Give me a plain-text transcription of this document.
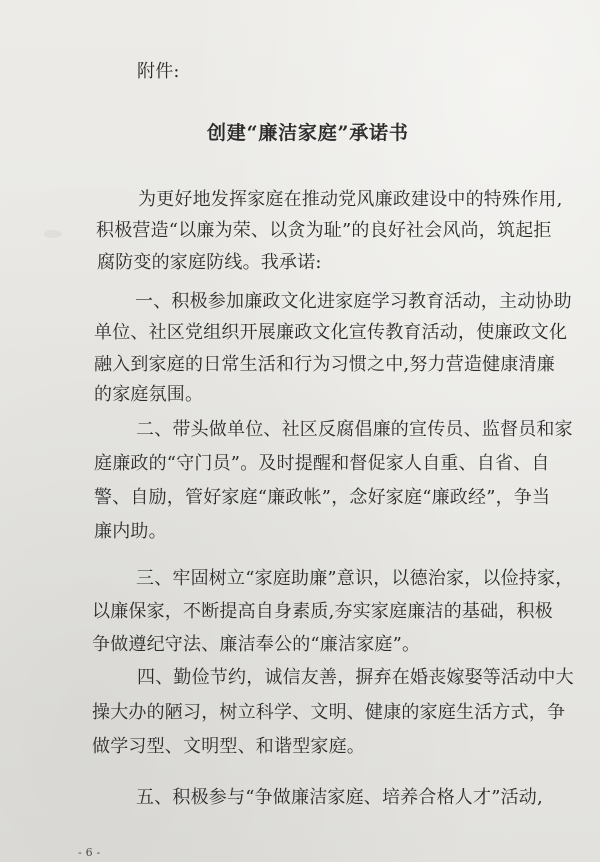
附件:
创建“廉洁家庭”承诺书
为更好地发挥家庭在推动党风廉政建设中的特殊作用,
积极营造“以廉为荣、以贪为耻”的良好社会风尚，筑起拒
腐防变的家庭防线。我承诺:
一、积极参加廉政文化进家庭学习教育活动，主动协助
单位、社区党组织开展廉政文化宣传教育活动，使廉政文化
融入到家庭的日常生活和行为习惯之中,努力营造健康清廉
的家庭氛围。
二、带头做单位、社区反腐倡廉的宣传员、监督员和家
庭廉政的“守门员”。及时提醒和督促家人自重、自省、自
警、自励，管好家庭“廉政帐”，念好家庭“廉政经”，争当
廉内助。
三、牢固树立“家庭助廉”意识，以德治家，以俭持家，
以廉保家，不断提高自身素质,夯实家庭廉洁的基础，积极
争做遵纪守法、廉洁奉公的“廉洁家庭”。
四、勤俭节约，诚信友善，摒弃在婚丧嫁娶等活动中大
操大办的陋习，树立科学、文明、健康的家庭生活方式，争
做学习型、文明型、和谐型家庭。
五、积极参与“争做廉洁家庭、培养合格人才”活动,
- 6 -
